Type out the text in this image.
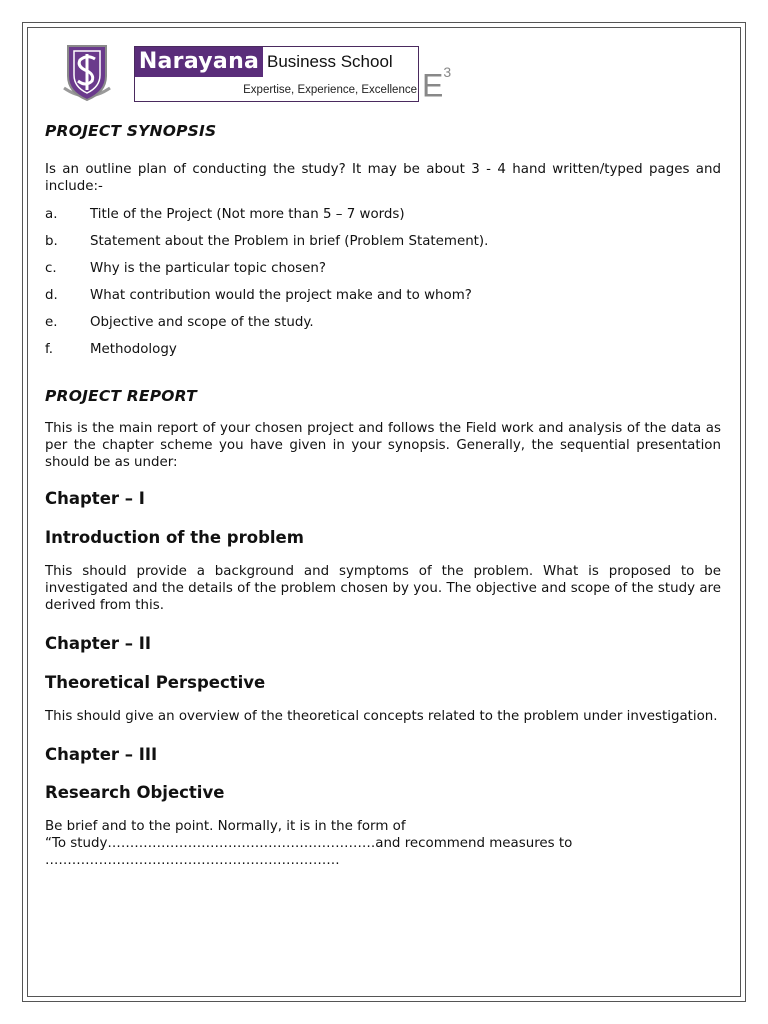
Narayana Business School
Expertise, Experience, Excellence $E^3$
PROJECT SYNOPSIS

Is an outline plan of conducting the study? It may be about 3 - 4 hand written/typed pages and include:-

a.	Title of the Project (Not more than 5 – 7 words)
b.	Statement about the Problem in brief (Problem Statement).
c.	Why is the particular topic chosen?
d.	What contribution would the project make and to whom?
e.	Objective and scope of the study.
f.	Methodology
PROJECT REPORT

This is the main report of your chosen project and follows the Field work and analysis of the data as per the chapter scheme you have given in your synopsis. Generally, the sequential presentation should be as under:

Chapter – I
Introduction of the problem

This should provide a background and symptoms of the problem. What is proposed to be investigated and the details of the problem chosen by you. The objective and scope of the study are derived from this.

Chapter – II
Theoretical Perspective

This should give an overview of the theoretical concepts related to the problem under investigation.

Chapter – III
Research Objective

Be brief and to the point. Normally, it is in the form of

“To study……………………………………………………and recommend measures to

…………………………………………………………
